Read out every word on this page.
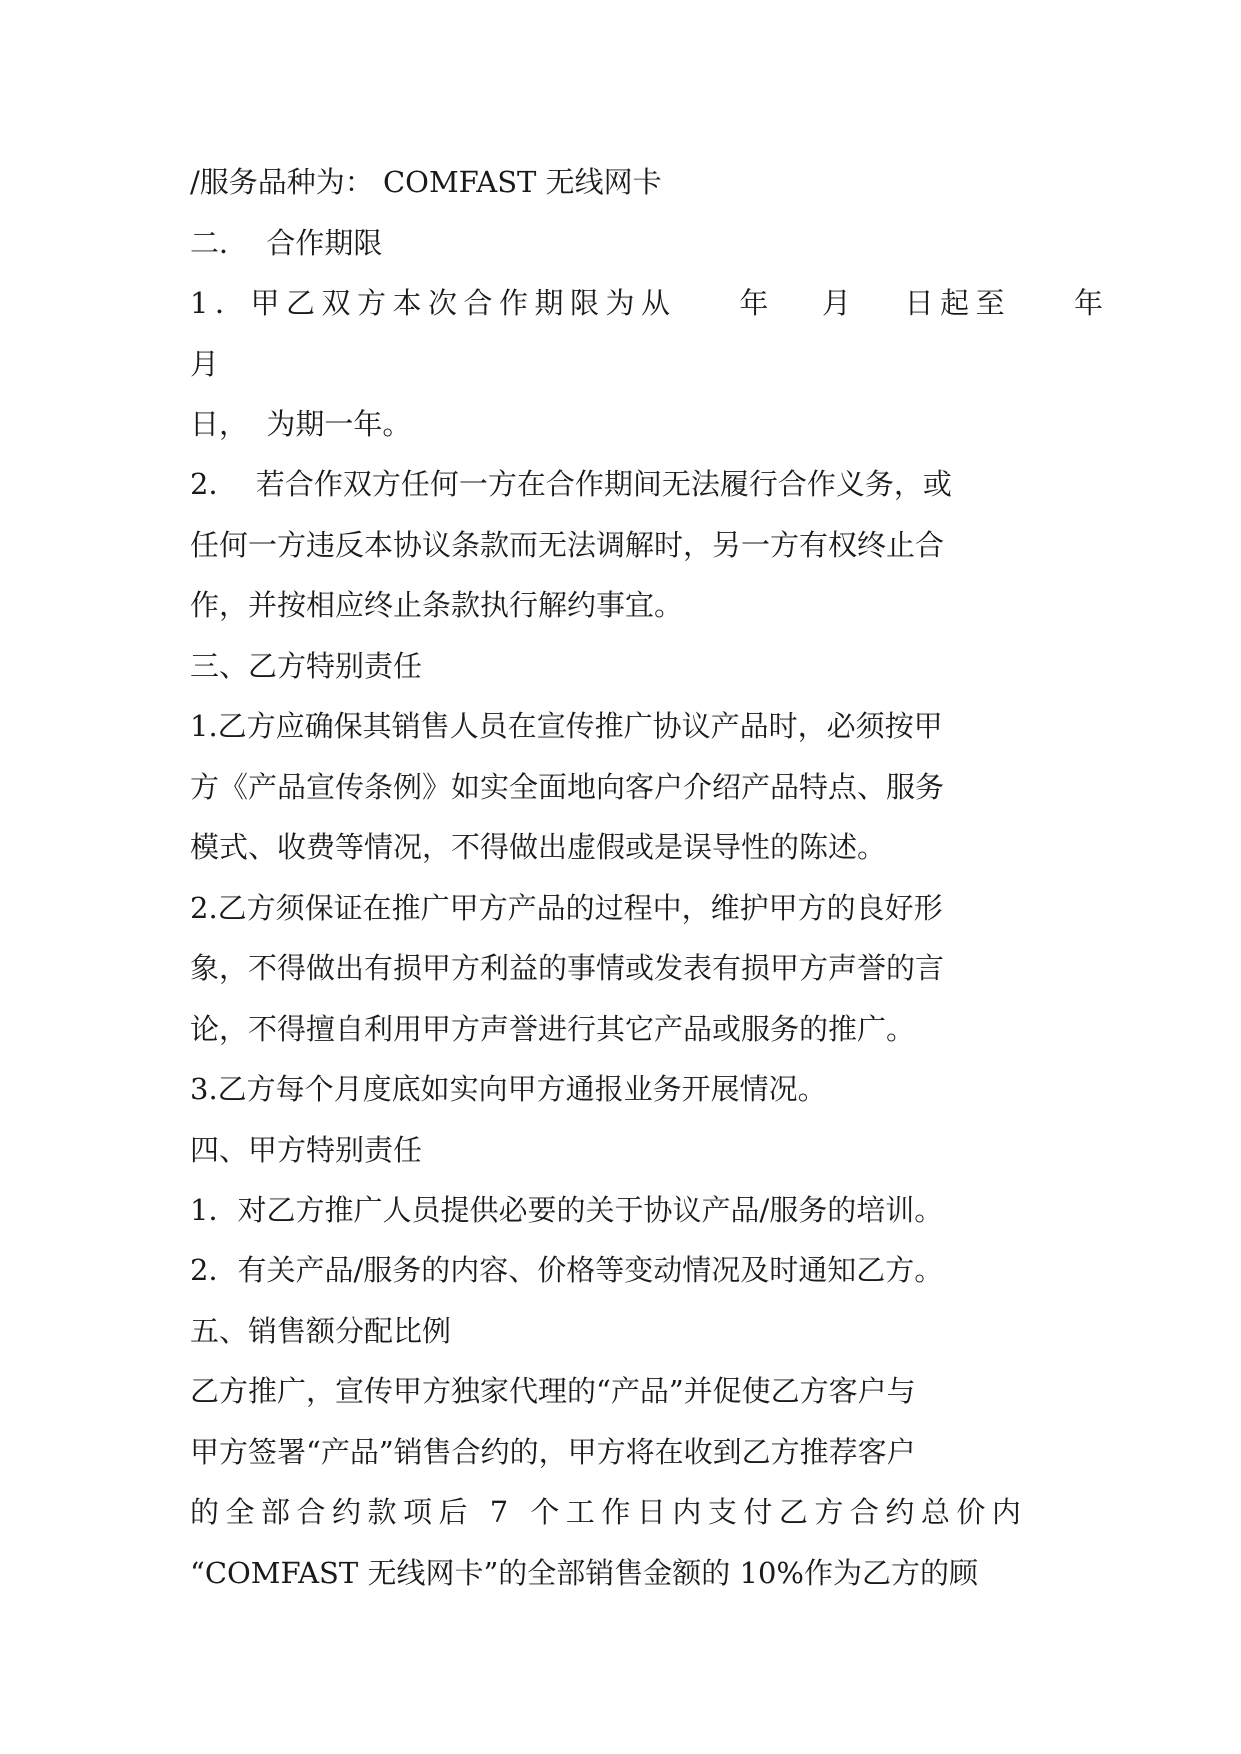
/服务品种为： COMFAST 无线网卡
二．  合作期限
1．甲乙双方本次合作期限为从    年   月   日起至    年
月
日，  为期一年。
2．  若合作双方任何一方在合作期间无法履行合作义务，或
任何一方违反本协议条款而无法调解时，另一方有权终止合
作，并按相应终止条款执行解约事宜。
三、乙方特别责任
1.乙方应确保其销售人员在宣传推广协议产品时，必须按甲
方《产品宣传条例》如实全面地向客户介绍产品特点、服务
模式、收费等情况，不得做出虚假或是误导性的陈述。
2.乙方须保证在推广甲方产品的过程中，维护甲方的良好形
象，不得做出有损甲方利益的事情或发表有损甲方声誉的言
论，不得擅自利用甲方声誉进行其它产品或服务的推广。
3.乙方每个月度底如实向甲方通报业务开展情况。
四、甲方特别责任
1．对乙方推广人员提供必要的关于协议产品/服务的培训。
2．有关产品/服务的内容、价格等变动情况及时通知乙方。
五、销售额分配比例
乙方推广，宣传甲方独家代理的“产品”并促使乙方客户与
甲方签署“产品”销售合约的，甲方将在收到乙方推荐客户
的全部合约款项后 7 个工作日内支付乙方合约总价内
“COMFAST 无线网卡”的全部销售金额的 10%作为乙方的顾
